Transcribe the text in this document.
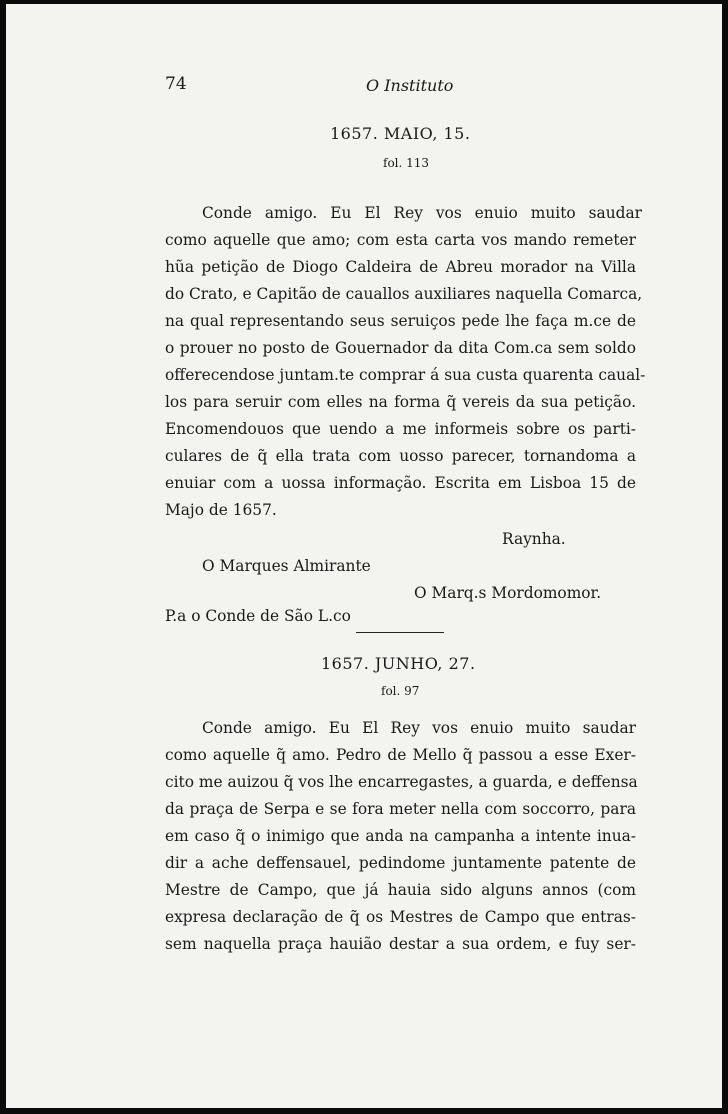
74	O Instituto
1657. MAIO, 15.
fol. 113
Conde amigo. Eu El Rey vos enuio muito saudar
como aquelle que amo; com esta carta vos mando remeter
hũa petição de Diogo Caldeira de Abreu morador na Villa
do Crato, e Capitão de cauallos auxiliares naquella Comarca,
na qual representando seus seruiços pede lhe faça m.ce de
o prouer no posto de Gouernador da dita Com.ca sem soldo
offerecendose juntam.te comprar á sua custa quarenta caual-
los para seruir com elles na forma q̃ vereis da sua petição.
Encomendouos que uendo a me informeis sobre os parti-
culares de q̃ ella trata com uosso parecer, tornandoma a
enuiar com a uossa informação. Escrita em Lisboa 15 de
Majo de 1657.
Raynha.
O Marques Almirante
O Marq.s Mordomomor.
P.a o Conde de São L.co
1657. JUNHO, 27.
fol. 97
Conde amigo. Eu El Rey vos enuio muito saudar
como aquelle q̃ amo. Pedro de Mello q̃ passou a esse Exer-
cito me auizou q̃ vos lhe encarregastes, a guarda, e deffensa
da praça de Serpa e se fora meter nella com soccorro, para
em caso q̃ o inimigo que anda na campanha a intente inua-
dir a ache deffensauel, pedindome juntamente patente de
Mestre de Campo, que já hauia sido alguns annos (com
expresa declaração de q̃ os Mestres de Campo que entras-
sem naquella praça hauião destar a sua ordem, e fuy ser-
